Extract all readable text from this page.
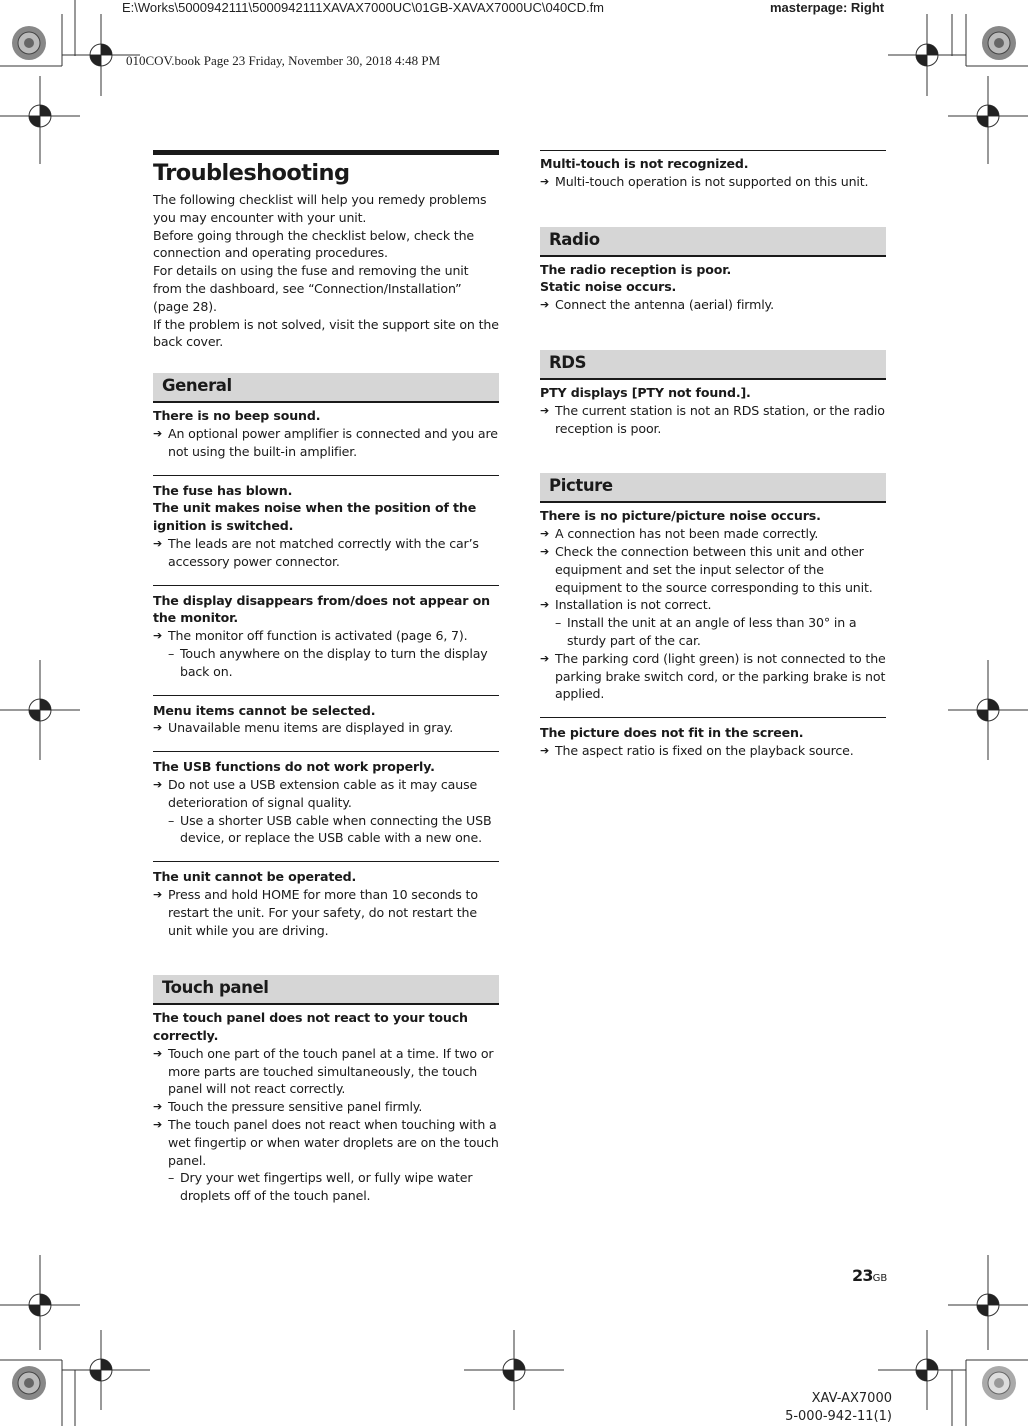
E:\Works\5000942111\5000942111XAVAX7000UC\01GB-XAVAX7000UC\040CD.fm	masterpage: Right
010COV.book Page 23 Friday, November 30, 2018 4:48 PM
Troubleshooting

The following checklist will help you remedy problems you may encounter with your unit.

Before going through the checklist below, check the connection and operating procedures.

For details on using the fuse and removing the unit from the dashboard, see “Connection/Installation” (page 28).

If the problem is not solved, visit the support site on the back cover.

General
There is no beep sound.
➔ An optional power amplifier is connected and you are not using the built-in amplifier.
The fuse has blown.
The unit makes noise when the position of the ignition is switched.
➔ The leads are not matched correctly with the car’s accessory power connector.
The display disappears from/does not appear on the monitor.
➔ The monitor off function is activated (page 6, 7).
– Touch anywhere on the display to turn the display back on.
Menu items cannot be selected.
➔ Unavailable menu items are displayed in gray.
The USB functions do not work properly.
➔ Do not use a USB extension cable as it may cause deterioration of signal quality.
– Use a shorter USB cable when connecting the USB device, or replace the USB cable with a new one.
The unit cannot be operated.
➔ Press and hold HOME for more than 10 seconds to restart the unit. For your safety, do not restart the unit while you are driving.
Touch panel
The touch panel does not react to your touch correctly.
➔ Touch one part of the touch panel at a time. If two or more parts are touched simultaneously, the touch panel will not react correctly.
➔ Touch the pressure sensitive panel firmly.
➔ The touch panel does not react when touching with a wet fingertip or when water droplets are on the touch panel.
– Dry your wet fingertips well, or fully wipe water droplets off of the touch panel.
Multi-touch is not recognized.
➔ Multi-touch operation is not supported on this unit.
Radio
The radio reception is poor.
Static noise occurs.
➔ Connect the antenna (aerial) firmly.
RDS
PTY displays [PTY not found.].
➔ The current station is not an RDS station, or the radio reception is poor.
Picture
There is no picture/picture noise occurs.
➔ A connection has not been made correctly.
➔ Check the connection between this unit and other equipment and set the input selector of the equipment to the source corresponding to this unit.
➔ Installation is not correct.
– Install the unit at an angle of less than 30° in a sturdy part of the car.
➔ The parking cord (light green) is not connected to the parking brake switch cord, or the parking brake is not applied.
The picture does not fit in the screen.
➔ The aspect ratio is fixed on the playback source.
23GB
XAV-AX7000
5-000-942-11(1)
